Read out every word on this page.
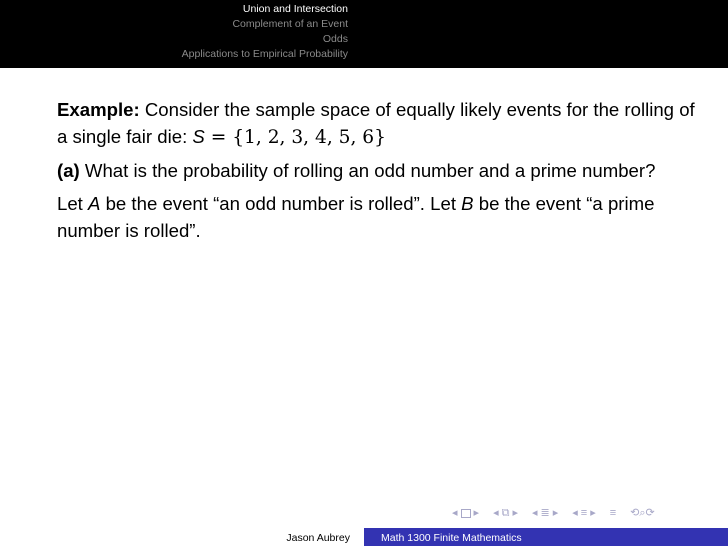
Union and Intersection
Complement of an Event
Odds
Applications to Empirical Probability

Example: Consider the sample space of equally likely events for the rolling of a single fair die: S = {1, 2, 3, 4, 5, 6}

(a) What is the probability of rolling an odd number and a prime number?

Let A be the event “an odd number is rolled”. Let B be the event “a prime number is rolled”.

◂ ▸ ◂ ⧉ ▸ ◂ ≣ ▸ ◂ ≡ ▸ ≡ ⟲⌕⟳
Jason Aubrey	Math 1300 Finite Mathematics
